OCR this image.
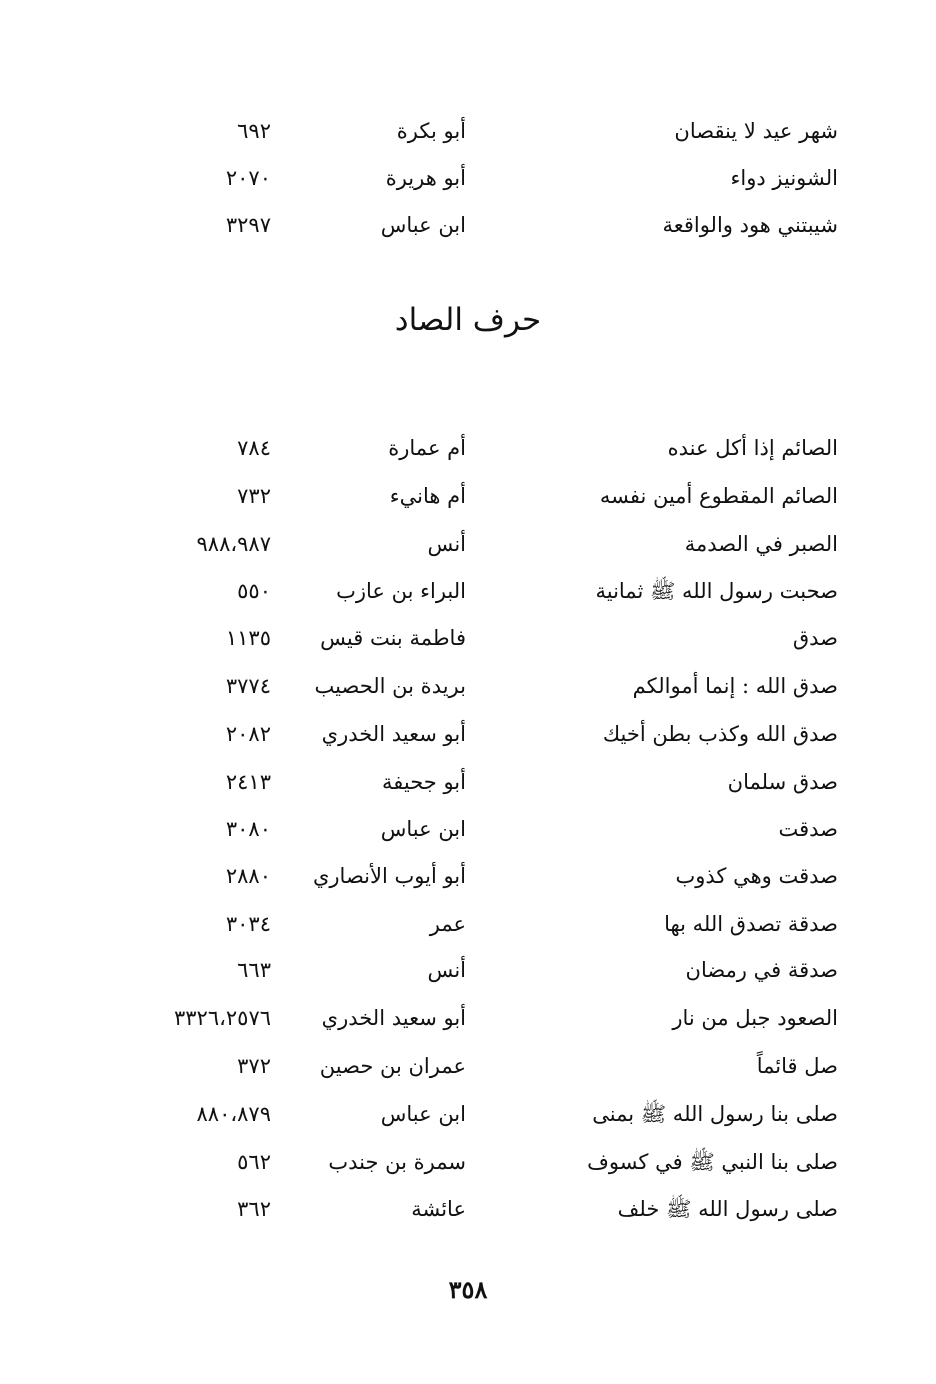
شهر عيد لا ينقصان
أبو بكرة
٦٩٢
الشونيز دواء
أبو هريرة
٢٠٧٠
شيبتني هود والواقعة
ابن عباس
٣٢٩٧
حرف الصاد
الصائم إذا أكل عنده
أم عمارة
٧٨٤
الصائم المقطوع أمين نفسه
أم هانيء
٧٣٢
الصبر في الصدمة
أنس
٩٨٨،٩٨٧
صحبت رسول الله ﷺ ثمانية
البراء بن عازب
٥٥٠
صدق
فاطمة بنت قيس
١١٣٥
صدق الله : إنما أموالكم
بريدة بن الحصيب
٣٧٧٤
صدق الله وكذب بطن أخيك
أبو سعيد الخدري
٢٠٨٢
صدق سلمان
أبو جحيفة
٢٤١٣
صدقت
ابن عباس
٣٠٨٠
صدقت وهي كذوب
أبو أيوب الأنصاري
٢٨٨٠
صدقة تصدق الله بها
عمر
٣٠٣٤
صدقة في رمضان
أنس
٦٦٣
الصعود جبل من نار
أبو سعيد الخدري
٣٣٢٦،٢٥٧٦
صل قائماً
عمران بن حصين
٣٧٢
صلى بنا رسول الله ﷺ بمنى
ابن عباس
٨٨٠،٨٧٩
صلى بنا النبي ﷺ في كسوف
سمرة بن جندب
٥٦٢
صلى رسول الله ﷺ خلف
عائشة
٣٦٢
٣٥٨
